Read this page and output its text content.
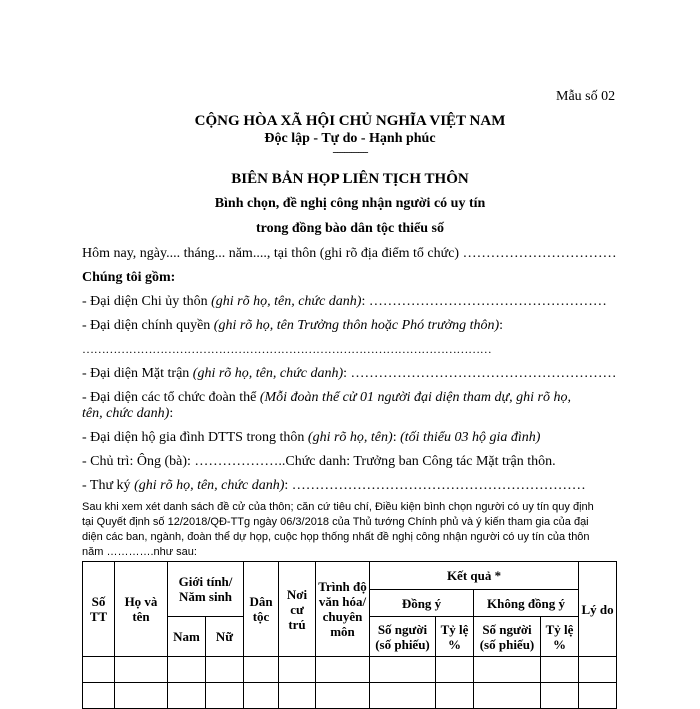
Mẫu số 02
CỘNG HÒA XÃ HỘI CHỦ NGHĨA VIỆT NAM
Độc lập - Tự do - Hạnh phúc
---------------
BIÊN BẢN HỌP LIÊN TỊCH THÔN
Bình chọn, đề nghị công nhận người có uy tín
trong đồng bào dân tộc thiểu số
Hôm nay, ngày.... tháng... năm...., tại thôn (ghi rõ địa điểm tổ chức) ……………………………
Chúng tôi gồm:
- Đại diện Chi ủy thôn (ghi rõ họ, tên, chức danh): ……………………………………………
- Đại diện chính quyền (ghi rõ họ, tên Trưởng thôn hoặc Phó trưởng thôn):
……………………………………………………………………………………………
- Đại diện Mặt trận (ghi rõ họ, tên, chức danh): …………………………………………………
- Đại diện các tổ chức đoàn thể (Mỗi đoàn thể cử 01 người đại diện tham dự, ghi rõ họ,
tên, chức danh):
- Đại diện hộ gia đình DTTS trong thôn (ghi rõ họ, tên): (tối thiểu 03 hộ gia đình)
- Chủ trì: Ông (bà): ………………..Chức danh: Trưởng ban Công tác Mặt trận thôn.
- Thư ký (ghi rõ họ, tên, chức danh): ………………………………………………………
Sau khi xem xét danh sách đề cử của thôn; căn cứ tiêu chí, Điều kiện bình chọn người có uy tín quy định
tại Quyết định số 12/2018/QĐ-TTg ngày 06/3/2018 của Thủ tướng Chính phủ và ý kiến tham gia của đại
diện các ban, ngành, đoàn thể dự họp, cuộc họp thống nhất đề nghị công nhận người có uy tín của thôn
năm ………….như sau:
Số TT	Họ và tên	Giới tính/ Năm sinh		Dân tộc	Nơi cư trú	Trình độ văn hóa/ chuyên môn	Kết quả *				Lý do
							Đồng ý		Không đồng ý		
		Nam	Nữ				Số người (số phiếu)	Tỷ lệ %	Số người (số phiếu)	Tỷ lệ %	
